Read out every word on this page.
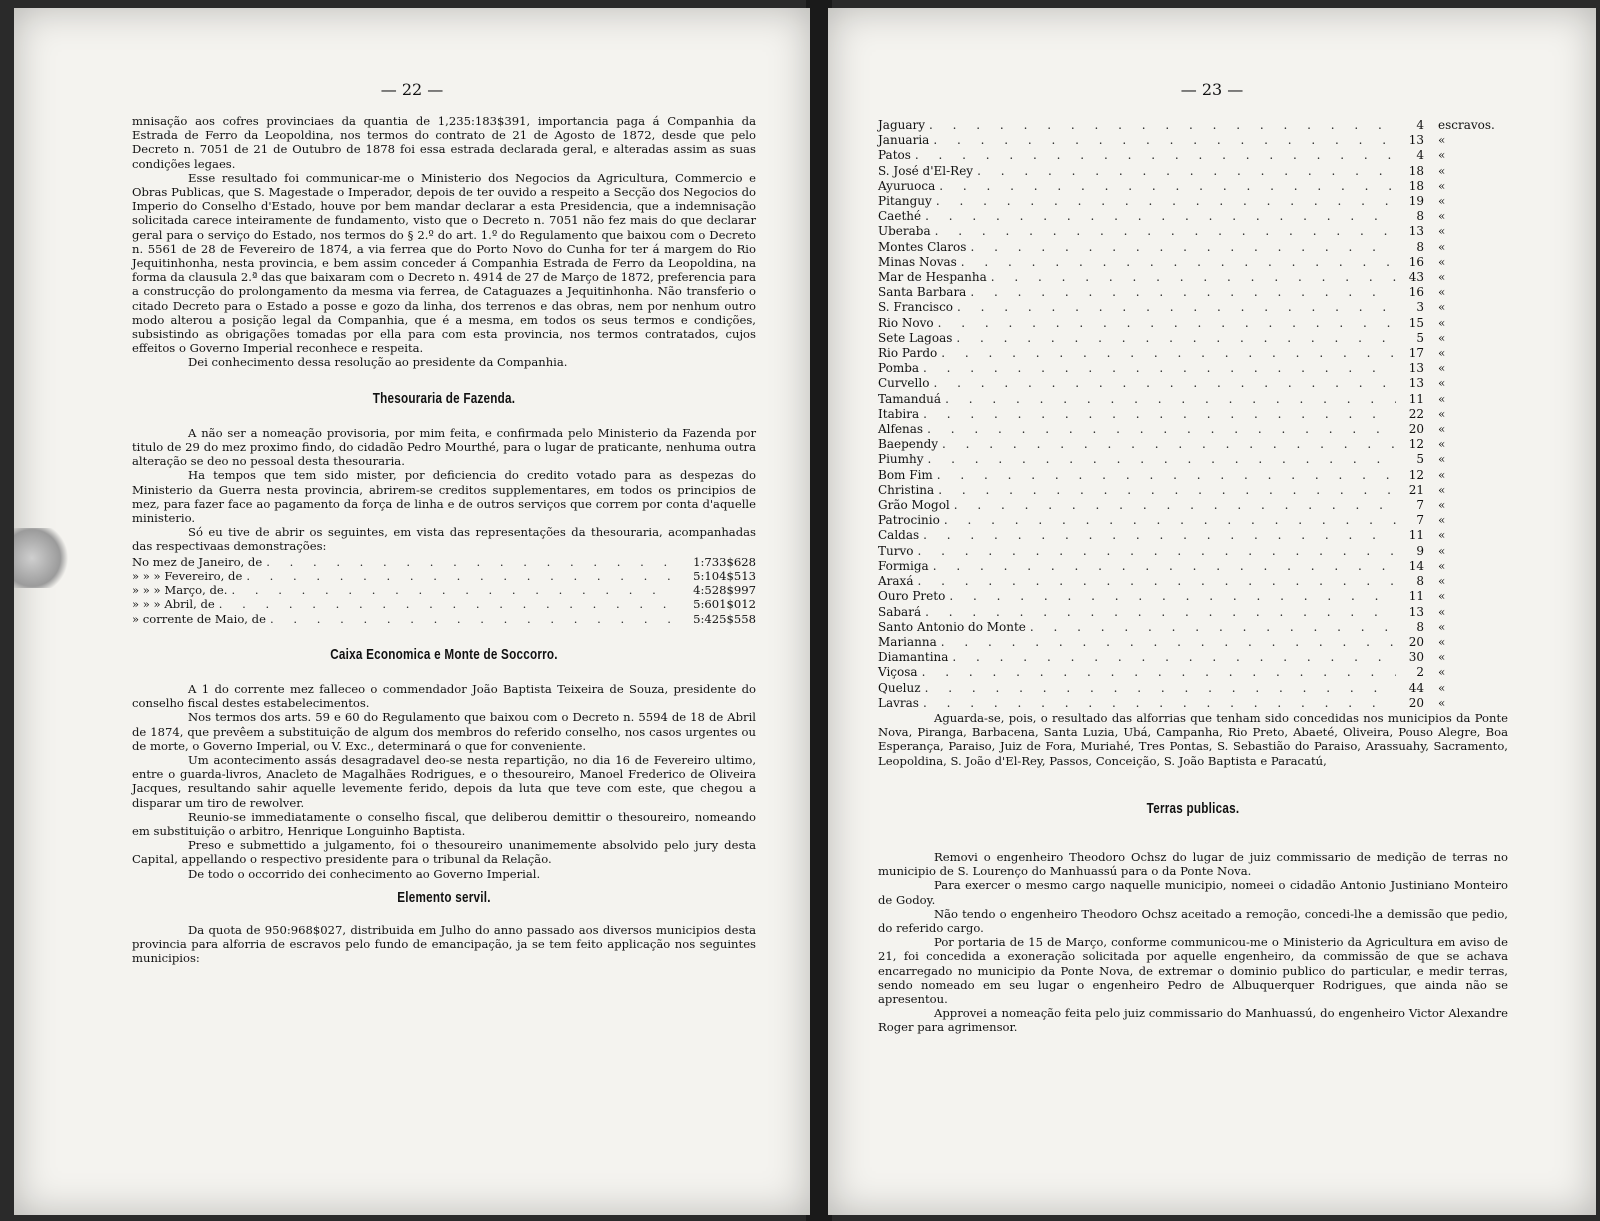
— 22 —

mnisação aos cofres provinciaes da quantia de 1,235:183$391, importancia paga á Companhia da Estrada de Ferro da Leopoldina, nos termos do contrato de 21 de Agosto de 1872, desde que pelo Decreto n. 7051 de 21 de Outubro de 1878 foi essa estrada declarada geral, e alteradas assim as suas condições legaes.

Esse resultado foi communicar-me o Ministerio dos Negocios da Agricultura, Commercio e Obras Publicas, que S. Magestade o Imperador, depois de ter ouvido a respeito a Secção dos Negocios do Imperio do Conselho d'Estado, houve por bem mandar declarar a esta Presidencia, que a indemnisação solicitada carece inteiramente de fundamento, visto que o Decreto n. 7051 não fez mais do que declarar geral para o serviço do Estado, nos termos do § 2.º do art. 1.º do Regulamento que baixou com o Decreto n. 5561 de 28 de Fevereiro de 1874, a via ferrea que do Porto Novo do Cunha for ter á margem do Rio Jequitinhonha, nesta provincia, e bem assim conceder á Companhia Estrada de Ferro da Leopoldina, na forma da clausula 2.ª das que baixaram com o Decreto n. 4914 de 27 de Março de 1872, preferencia para a construcção do prolongamento da mesma via ferrea, de Cataguazes a Jequitinhonha. Não transferio o citado Decreto para o Estado a posse e gozo da linha, dos terrenos e das obras, nem por nenhum outro modo alterou a posição legal da Companhia, que é a mesma, em todos os seus termos e condições, subsistindo as obrigações tomadas por ella para com esta provincia, nos termos contratados, cujos effeitos o Governo Imperial reconhece e respeita.

Dei conhecimento dessa resolução ao presidente da Companhia.

Thesouraria de Fazenda.

A não ser a nomeação provisoria, por mim feita, e confirmada pelo Ministerio da Fazenda por titulo de 29 do mez proximo findo, do cidadão Pedro Mourthé, para o lugar de praticante, nenhuma outra alteração se deo no pessoal desta thesouraria.

Ha tempos que tem sido mister, por deficiencia do credito votado para as despezas do Ministerio da Guerra nesta provincia, abrirem-se creditos supplementares, em todos os principios de mez, para fazer face ao pagamento da força de linha e de outros serviços que correm por conta d'aquelle ministerio.

Só eu tive de abrir os seguintes, em vista das representações da thesouraria, acompanhadas das respectivaas demonstrações:

No mez de Janeiro, de . . .	1:733$628
» » » Fevereiro, de . . .	5:104$513
» » » Março, de. . . .	4:528$997
» » » Abril, de . . .	5:601$012
» corrente de Maio, de . . .	5:425$558
Caixa Economica e Monte de Soccorro.

A 1 do corrente mez falleceo o commendador João Baptista Teixeira de Souza, presidente do conselho fiscal destes estabelecimentos.

Nos termos dos arts. 59 e 60 do Regulamento que baixou com o Decreto n. 5594 de 18 de Abril de 1874, que prevêem a substituição de algum dos membros do referido conselho, nos casos urgentes ou de morte, o Governo Imperial, ou V. Exc., determinará o que for conveniente.

Um acontecimento assás desagradavel deo-se nesta repartição, no dia 16 de Fevereiro ultimo, entre o guarda-livros, Anacleto de Magalhães Rodrigues, e o thesoureiro, Manoel Frederico de Oliveira Jacques, resultando sahir aquelle levemente ferido, depois da luta que teve com este, que chegou a disparar um tiro de rewolver.

Reunio-se immediatamente o conselho fiscal, que deliberou demittir o thesoureiro, nomeando em substituição o arbitro, Henrique Longuinho Baptista.

Preso e submettido a julgamento, foi o thesoureiro unanimemente absolvido pelo jury desta Capital, appellando o respectivo presidente para o tribunal da Relação.

De todo o occorrido dei conhecimento ao Governo Imperial.

Elemento servil.

Da quota de 950:968$027, distribuida em Julho do anno passado aos diversos municipios desta provincia para alforria de escravos pelo fundo de emancipação, ja se tem feito applicação nos seguintes municipios:

— 23 —
Jaguary . . .	4	escravos.
Januaria . . .	13	«
Patos . . .	4	«
S. José d'El-Rey . . .	18	«
Ayuruoca . . .	18	«
Pitanguy . . .	19	«
Caethé . . .	8	«
Uberaba . . .	13	«
Montes Claros . . .	8	«
Minas Novas . . .	16	«
Mar de Hespanha . . .	43	«
Santa Barbara . . .	16	«
S. Francisco . . .	3	«
Rio Novo . . .	15	«
Sete Lagoas . . .	5	«
Rio Pardo . . .	17	«
Pomba . . .	13	«
Curvello . . .	13	«
Tamanduá . . .	11	«
Itabira . . .	22	«
Alfenas . . .	20	«
Baependy . . .	12	«
Piumhy . . .	5	«
Bom Fim . . .	12	«
Christina . . .	21	«
Grão Mogol . . .	7	«
Patrocinio . . .	7	«
Caldas . . .	11	«
Turvo . . .	9	«
Formiga . . .	14	«
Araxá . . .	8	«
Ouro Preto . . .	11	«
Sabará . . .	13	«
Santo Antonio do Monte . . .	8	«
Marianna . . .	20	«
Diamantina . . .	30	«
Viçosa . . .	2	«
Queluz . . .	44	«
Lavras . . .	20	«

Aguarda-se, pois, o resultado das alforrias que tenham sido concedidas nos municipios da Ponte Nova, Piranga, Barbacena, Santa Luzia, Ubá, Campanha, Rio Preto, Abaeté, Oliveira, Pouso Alegre, Boa Esperança, Paraiso, Juiz de Fora, Muriahé, Tres Pontas, S. Sebastião do Paraiso, Arassuahy, Sacramento, Leopoldina, S. João d'El-Rey, Passos, Conceição, S. João Baptista e Paracatú,

Terras publicas.

Removi o engenheiro Theodoro Ochsz do lugar de juiz commissario de medição de terras no municipio de S. Lourenço do Manhuassú para o da Ponte Nova.

Para exercer o mesmo cargo naquelle municipio, nomeei o cidadão Antonio Justiniano Monteiro de Godoy.

Não tendo o engenheiro Theodoro Ochsz aceitado a remoção, concedi-lhe a demissão que pedio, do referido cargo.

Por portaria de 15 de Março, conforme communicou-me o Ministerio da Agricultura em aviso de 21, foi concedida a exoneração solicitada por aquelle engenheiro, da commissão de que se achava encarregado no municipio da Ponte Nova, de extremar o dominio publico do particular, e medir terras, sendo nomeado em seu lugar o engenheiro Pedro de Albuquerquer Rodrigues, que ainda não se apresentou.

Approvei a nomeação feita pelo juiz commissario do Manhuassú, do engenheiro Victor Alexandre Roger para agrimensor.
